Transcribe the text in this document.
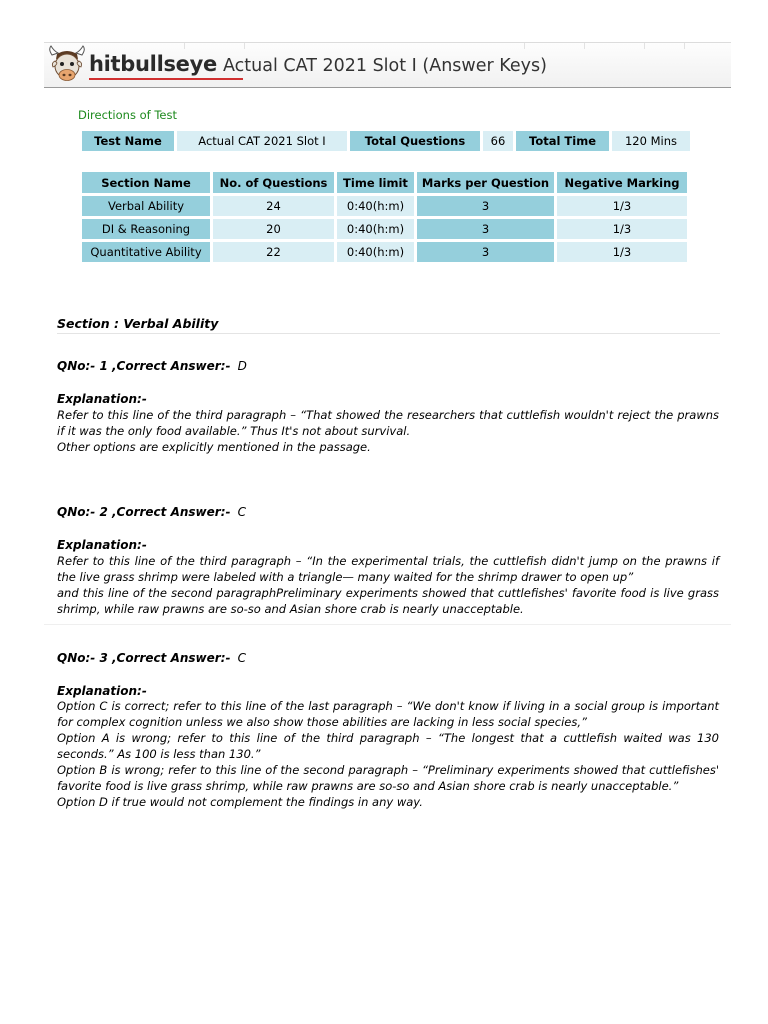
hitbullseye Actual CAT 2021 Slot I (Answer Keys)
Directions of Test
Test Name	Actual CAT 2021 Slot I	Total Questions	66	Total Time	120 Mins
Section Name	No. of Questions	Time limit	Marks per Question	Negative Marking
Verbal Ability	24	0:40(h:m)	3	1/3
DI & Reasoning	20	0:40(h:m)	3	1/3
Quantitative Ability	22	0:40(h:m)	3	1/3
Section : Verbal Ability
QNo:- 1 ,Correct Answer:- D
Explanation:-
Refer to this line of the third paragraph – “That showed the researchers that cuttlefish wouldn't reject the prawns if it was the only food available.” Thus It's not about survival.
Other options are explicitly mentioned in the passage.
QNo:- 2 ,Correct Answer:- C
Explanation:-
Refer to this line of the third paragraph – “In the experimental trials, the cuttlefish didn't jump on the prawns if the live grass shrimp were labeled with a triangle— many waited for the shrimp drawer to open up”
and this line of the second paragraphPreliminary experiments showed that cuttlefishes' favorite food is live grass shrimp, while raw prawns are so-so and Asian shore crab is nearly unacceptable.
QNo:- 3 ,Correct Answer:- C
Explanation:-
Option C is correct; refer to this line of the last paragraph – “We don't know if living in a social group is important for complex cognition unless we also show those abilities are lacking in less social species,”
Option A is wrong; refer to this line of the third paragraph – “The longest that a cuttlefish waited was 130 seconds.” As 100 is less than 130.”
Option B is wrong; refer to this line of the second paragraph – “Preliminary experiments showed that cuttlefishes' favorite food is live grass shrimp, while raw prawns are so-so and Asian shore crab is nearly unacceptable.”
Option D if true would not complement the findings in any way.
